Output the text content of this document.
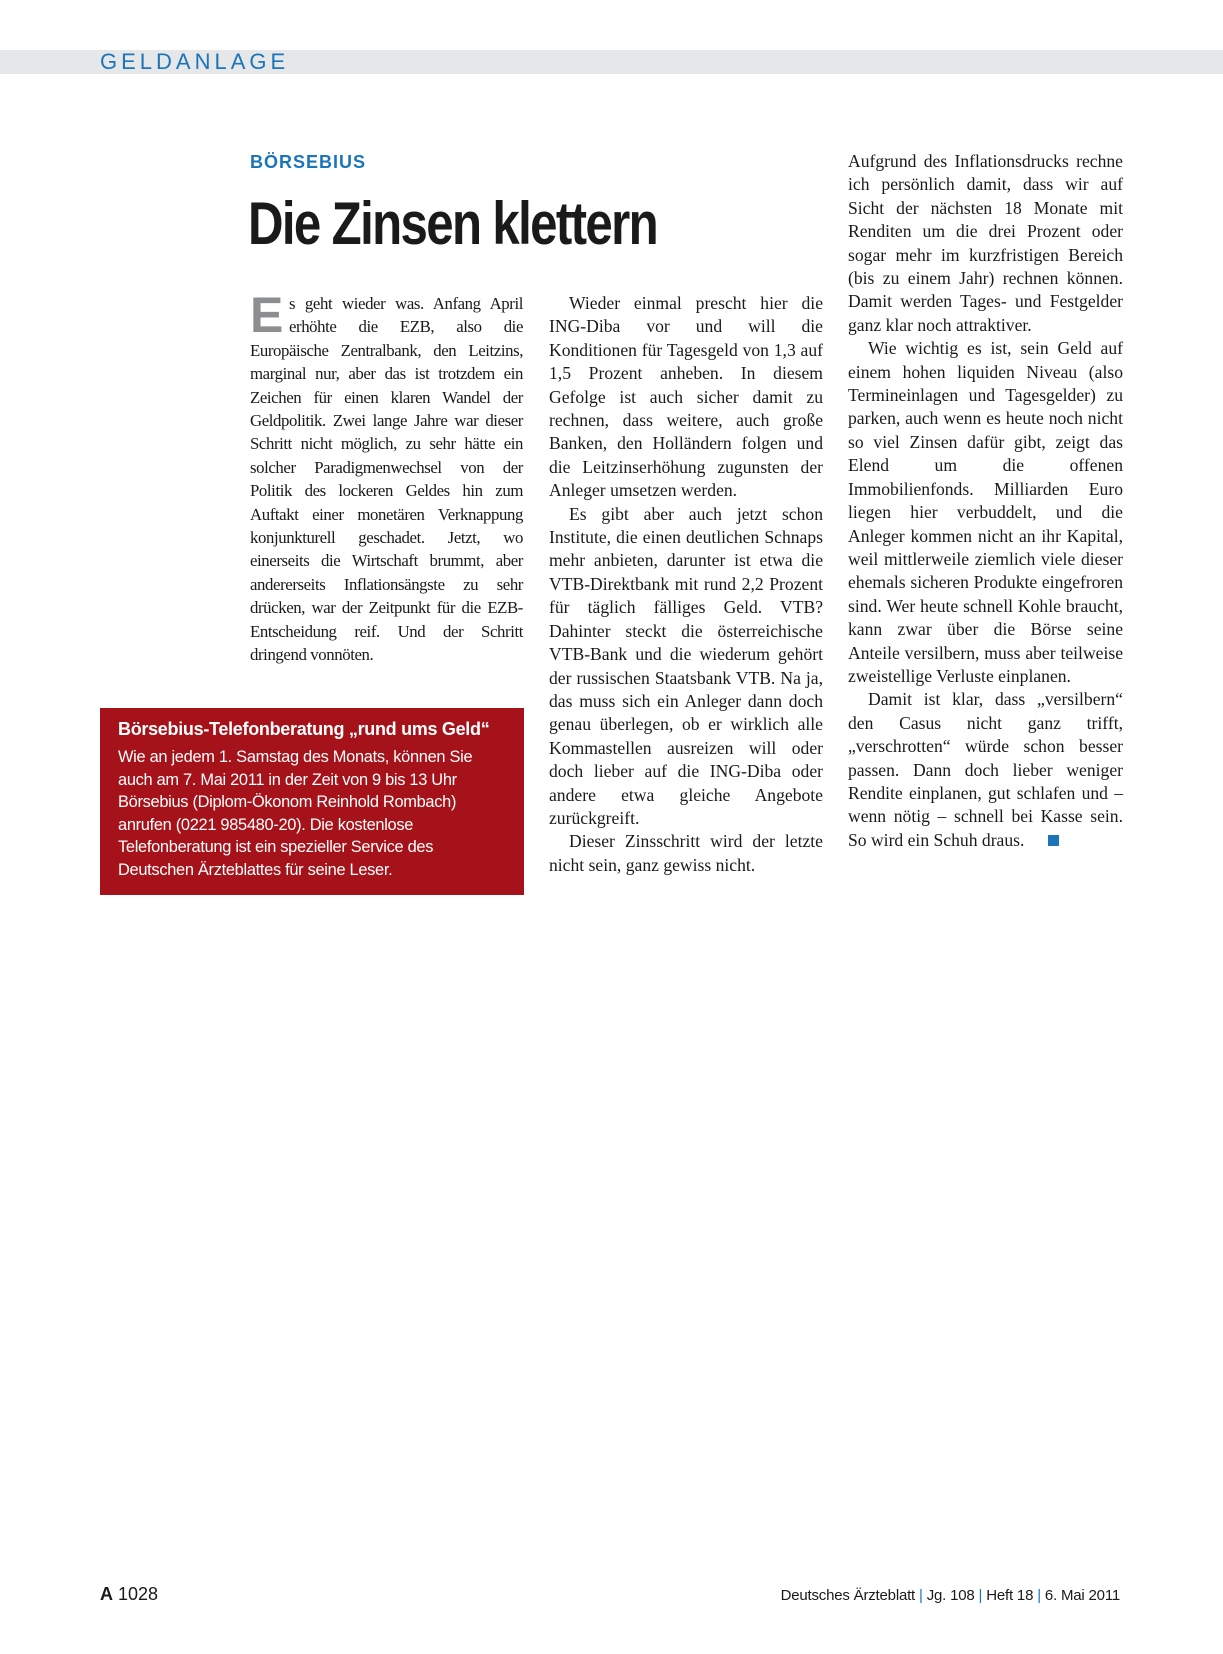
GELDANLAGE
BÖRSEBIUS
Die Zinsen klettern

Es geht wieder was. Anfang April erhöhte die EZB, also die Europäische Zentralbank, den Leitzins, marginal nur, aber das ist trotzdem ein Zeichen für einen klaren Wandel der Geldpolitik. Zwei lange Jahre war dieser Schritt nicht möglich, zu sehr hätte ein solcher Paradigmenwechsel von der Politik des lockeren Geldes hin zum Auftakt einer monetären Verknappung konjunkturell geschadet. Jetzt, wo einerseits die Wirtschaft brummt, aber andererseits Inflationsängste zu sehr drücken, war der Zeitpunkt für die EZB-Entscheidung reif. Und der Schritt dringend vonnöten.

Wieder einmal prescht hier die ING-Diba vor und will die Konditionen für Tagesgeld von 1,3 auf 1,5 Prozent anheben. In diesem Gefolge ist auch sicher damit zu rechnen, dass weitere, auch große Banken, den Holländern folgen und die Leitzinserhöhung zugunsten der Anleger umsetzen werden.

Es gibt aber auch jetzt schon Institute, die einen deutlichen Schnaps mehr anbieten, darunter ist etwa die VTB-Direktbank mit rund 2,2 Prozent für täglich fälliges Geld. VTB? Dahinter steckt die österreichische VTB-Bank und die wiederum gehört der russischen Staatsbank VTB. Na ja, das muss sich ein Anleger dann doch genau überlegen, ob er wirklich alle Kommastellen ausreizen will oder doch lieber auf die ING-Diba oder andere etwa gleiche Angebote zurückgreift.

Dieser Zinsschritt wird der letzte nicht sein, ganz gewiss nicht.

Aufgrund des Inflationsdrucks rechne ich persönlich damit, dass wir auf Sicht der nächsten 18 Monate mit Renditen um die drei Prozent oder sogar mehr im kurzfristigen Bereich (bis zu einem Jahr) rechnen können. Damit werden Tages- und Festgelder ganz klar noch attraktiver.

Wie wichtig es ist, sein Geld auf einem hohen liquiden Niveau (also Termineinlagen und Tagesgelder) zu parken, auch wenn es heute noch nicht so viel Zinsen dafür gibt, zeigt das Elend um die offenen Immobilienfonds. Milliarden Euro liegen hier verbuddelt, und die Anleger kommen nicht an ihr Kapital, weil mittlerweile ziemlich viele dieser ehemals sicheren Produkte eingefroren sind. Wer heute schnell Kohle braucht, kann zwar über die Börse seine Anteile versilbern, muss aber teilweise zweistellige Verluste einplanen.

Damit ist klar, dass „versilbern“ den Casus nicht ganz trifft, „verschrotten“ würde schon besser passen. Dann doch lieber weniger Rendite einplanen, gut schlafen und – wenn nötig – schnell bei Kasse sein. So wird ein Schuh draus.

Börsebius-Telefonberatung „rund ums Geld“
Wie an jedem 1. Samstag des Monats, können Sie auch am 7. Mai 2011 in der Zeit von 9 bis 13 Uhr Börsebius (Diplom-Ökonom Reinhold Rombach) anrufen (0221 985480-20). Die kostenlose Telefonberatung ist ein spezieller Service des Deutschen Ärzteblattes für seine Leser.
A 1028	Deutsches Ärzteblatt | Jg. 108 | Heft 18 | 6. Mai 2011
